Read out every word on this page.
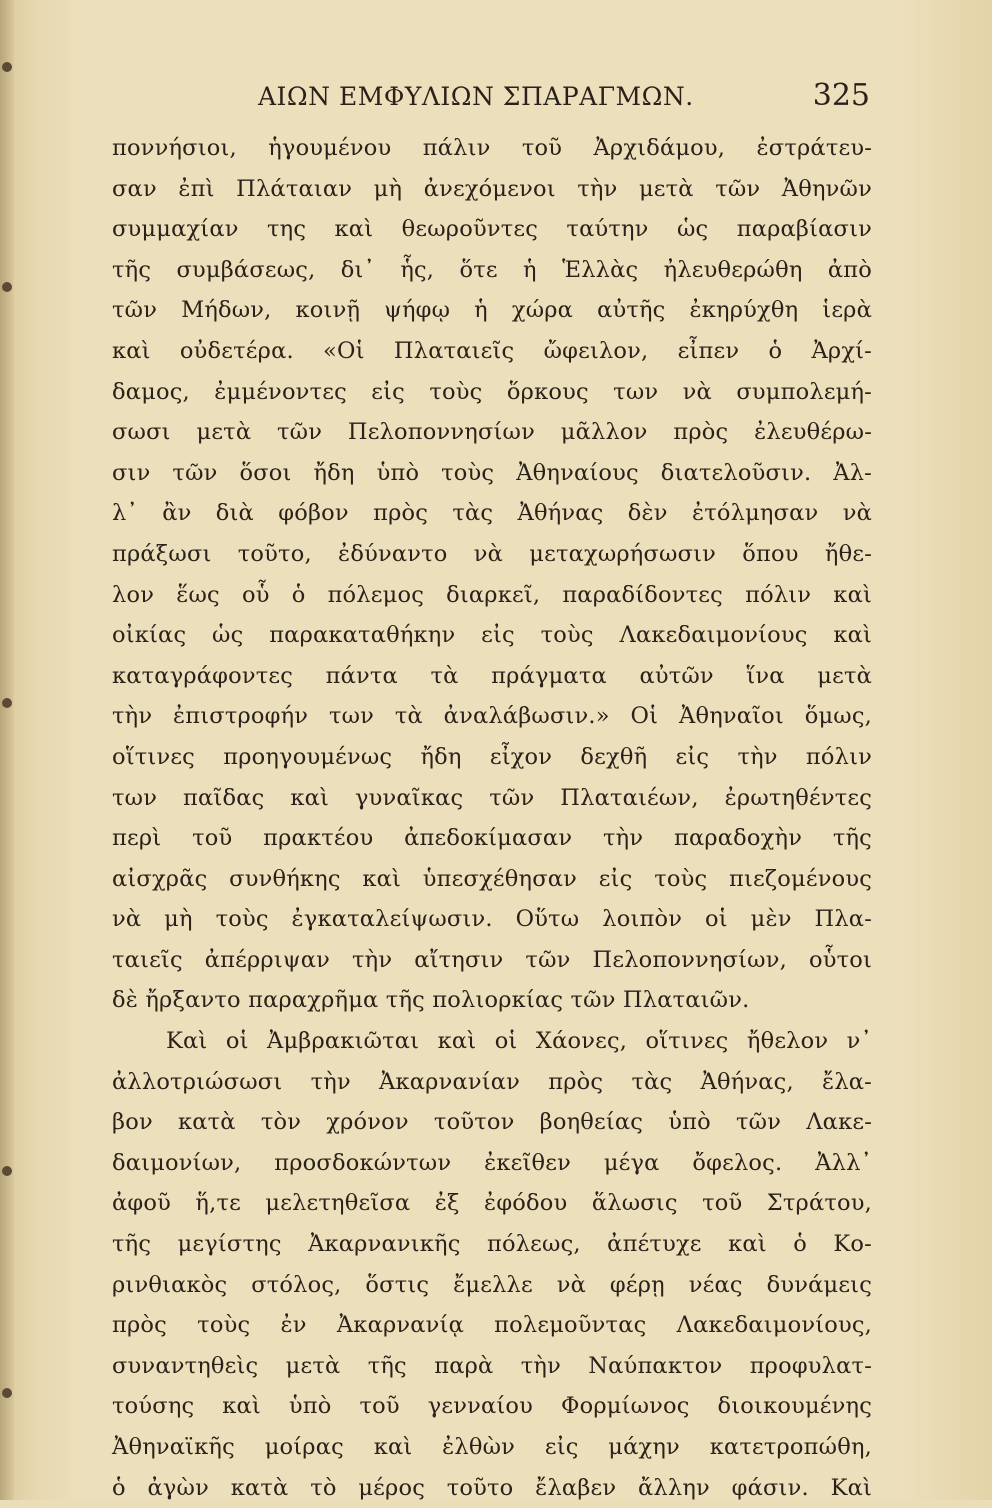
ΑΙΩΝ ΕΜΦΥΛΙΩΝ ΣΠΑΡΑΓΜΩΝ.	325
ποννήσιοι, ἡγουμένου πάλιν τοῦ Ἀρχιδάμου, ἐστράτευ-
σαν ἐπὶ Πλάταιαν μὴ ἀνεχόμενοι τὴν μετὰ τῶν Ἀθηνῶν
συμμαχίαν της καὶ θεωροῦντες ταύτην ὡς παραβίασιν
τῆς συμβάσεως, δι᾿ ἧς, ὅτε ἡ Ἑλλὰς ἠλευθερώθη ἀπὸ
τῶν Μήδων, κοινῇ ψήφῳ ἡ χώρα αὐτῆς ἐκηρύχθη ἱερὰ
καὶ οὐδετέρα. «Οἱ Πλαταιεῖς ὤφειλον, εἶπεν ὁ Ἀρχί-
δαμος, ἐμμένοντες εἰς τοὺς ὅρκους των νὰ συμπολεμή-
σωσι μετὰ τῶν Πελοποννησίων μᾶλλον πρὸς ἐλευθέρω-
σιν τῶν ὅσοι ἤδη ὑπὸ τοὺς Ἀθηναίους διατελοῦσιν. Ἀλ-
λ᾿ ἂν διὰ φόβον πρὸς τὰς Ἀθήνας δὲν ἐτόλμησαν νὰ
πράξωσι τοῦτο, ἐδύναντο νὰ μεταχωρήσωσιν ὅπου ἤθε-
λον ἕως οὗ ὁ πόλεμος διαρκεῖ, παραδίδοντες πόλιν καὶ
οἰκίας ὡς παρακαταθήκην εἰς τοὺς Λακεδαιμονίους καὶ
καταγράφοντες πάντα τὰ πράγματα αὐτῶν ἵνα μετὰ
τὴν ἐπιστροφήν των τὰ ἀναλάβωσιν.» Οἱ Ἀθηναῖοι ὅμως,
οἵτινες προηγουμένως ἤδη εἶχον δεχθῆ εἰς τὴν πόλιν
των παῖδας καὶ γυναῖκας τῶν Πλαταιέων, ἐρωτηθέντες
περὶ τοῦ πρακτέου ἀπεδοκίμασαν τὴν παραδοχὴν τῆς
αἰσχρᾶς συνθήκης καὶ ὑπεσχέθησαν εἰς τοὺς πιεζομένους
νὰ μὴ τοὺς ἐγκαταλείψωσιν. Οὕτω λοιπὸν οἱ μὲν Πλα-
ταιεῖς ἀπέρριψαν τὴν αἴτησιν τῶν Πελοποννησίων, οὗτοι
δὲ ἤρξαντο παραχρῆμα τῆς πολιορκίας τῶν Πλαταιῶν.
Καὶ οἱ Ἀμβρακιῶται καὶ οἱ Χάονες, οἵτινες ἤθελον ν᾿
ἀλλοτριώσωσι τὴν Ἀκαρνανίαν πρὸς τὰς Ἀθήνας, ἔλα-
βον κατὰ τὸν χρόνον τοῦτον βοηθείας ὑπὸ τῶν Λακε-
δαιμονίων, προσδοκώντων ἐκεῖθεν μέγα ὄφελος. Ἀλλ᾿
ἀφοῦ ἥ,τε μελετηθεῖσα ἐξ ἐφόδου ἅλωσις τοῦ Στράτου,
τῆς μεγίστης Ἀκαρνανικῆς πόλεως, ἀπέτυχε καὶ ὁ Κο-
ρινθιακὸς στόλος, ὅστις ἔμελλε νὰ φέρῃ νέας δυνάμεις
πρὸς τοὺς ἐν Ἀκαρνανίᾳ πολεμοῦντας Λακεδαιμονίους,
συναντηθεὶς μετὰ τῆς παρὰ τὴν Ναύπακτον προφυλατ-
τούσης καὶ ὑπὸ τοῦ γενναίου Φορμίωνος διοικουμένης
Ἀθηναϊκῆς μοίρας καὶ ἐλθὼν εἰς μάχην κατετροπώθη,
ὁ ἀγὼν κατὰ τὸ μέρος τοῦτο ἔλαβεν ἄλλην φάσιν. Καὶ
